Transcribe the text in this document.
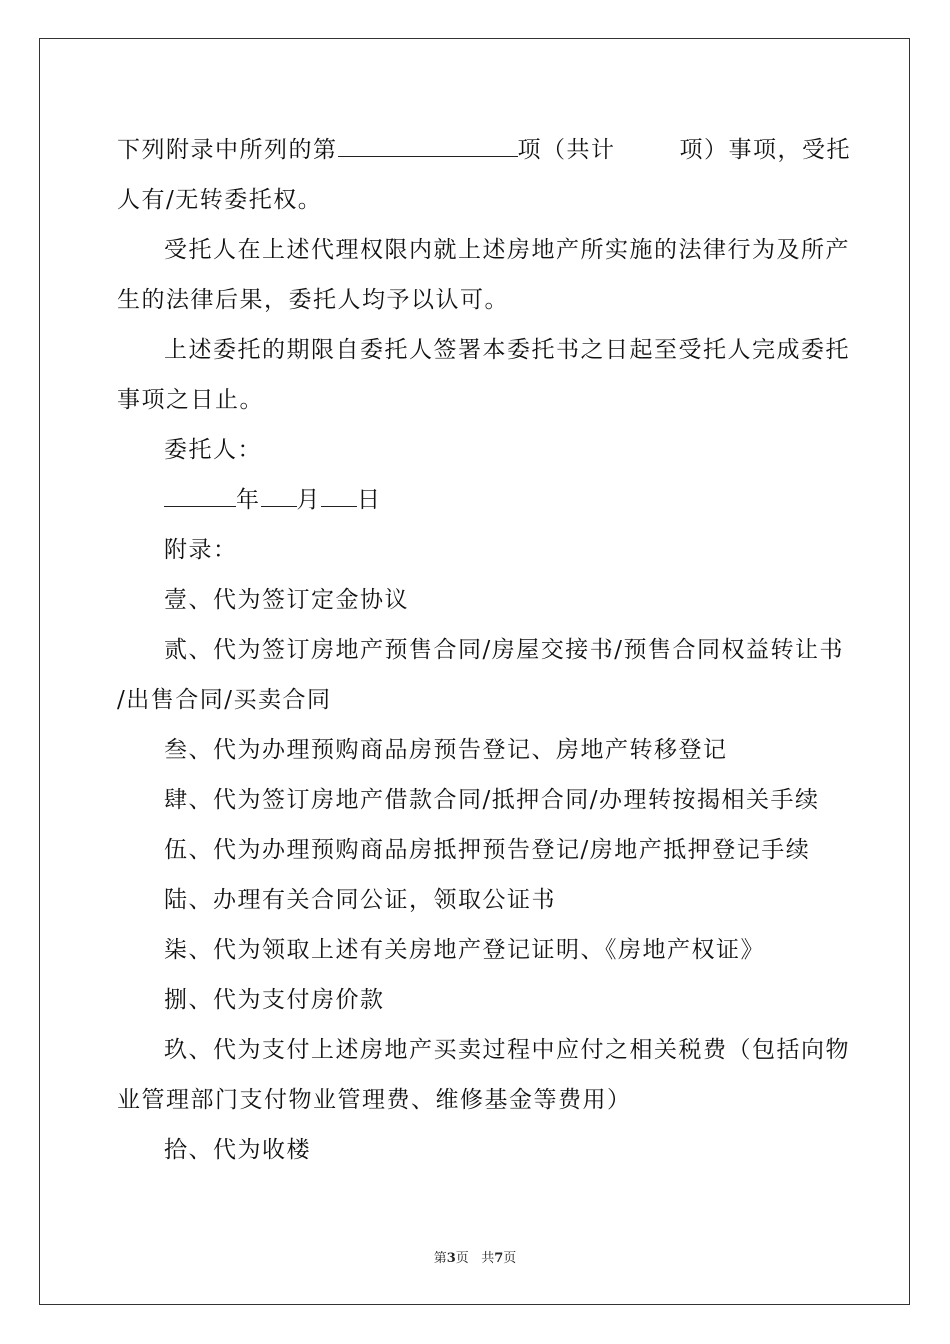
下列附录中所列的第	项（共计	项）事项，受托
人有/无转委托权。
受托人在上述代理权限内就上述房地产所实施的法律行为及所产
生的法律后果，委托人均予以认可。
上述委托的期限自委托人签署本委托书之日起至受托人完成委托
事项之日止。
委托人：
年 月 日
附录：
壹、代为签订定金协议
贰、代为签订房地产预售合同/房屋交接书/预售合同权益转让书
/出售合同/买卖合同
叁、代为办理预购商品房预告登记、房地产转移登记
肆、代为签订房地产借款合同/抵押合同/办理转按揭相关手续
伍、代为办理预购商品房抵押预告登记/房地产抵押登记手续
陆、办理有关合同公证，领取公证书
柒、代为领取上述有关房地产登记证明、《房地产权证》
捌、代为支付房价款
玖、代为支付上述房地产买卖过程中应付之相关税费（包括向物
业管理部门支付物业管理费、维修基金等费用）
拾、代为收楼
第3页 共7页
